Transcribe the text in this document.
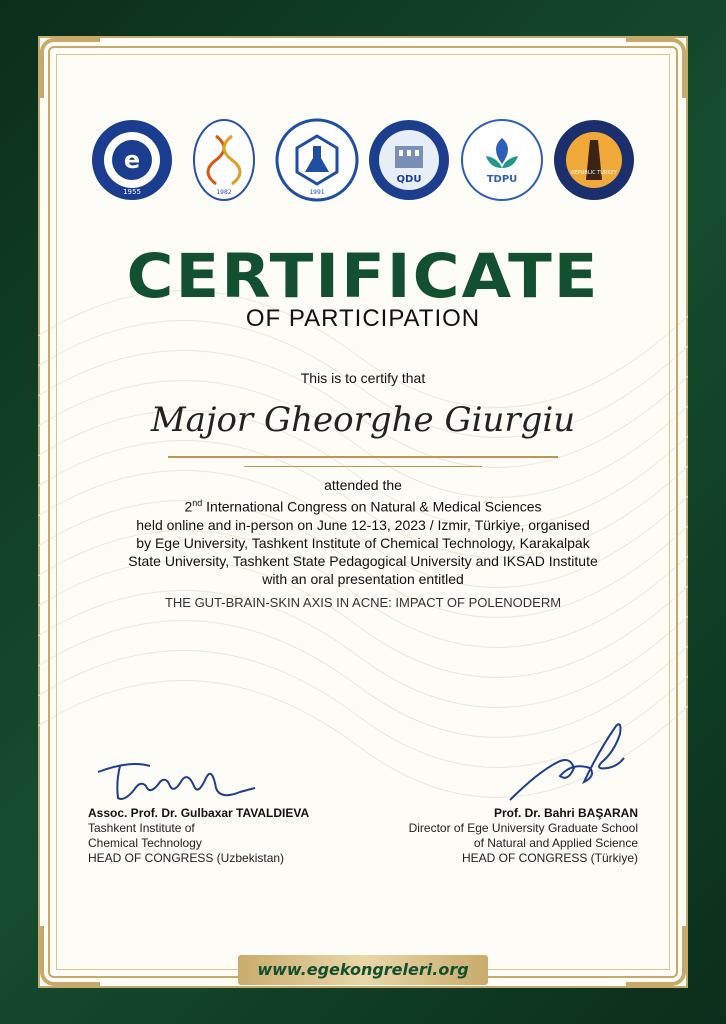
e
1955	1982	1991
QDU	TDPU
REPUBLIC TURKEY
CERTIFICATE
OF PARTICIPATION
This is to certify that
Major Gheorghe Giurgiu
attended the
2nd International Congress on Natural & Medical Sciences
held online and in-person on June 12-13, 2023 / Izmir, Türkiye, organised
by Ege University, Tashkent Institute of Chemical Technology, Karakalpak
State University, Tashkent State Pedagogical University and IKSAD Institute
with an oral presentation entitled
THE GUT-BRAIN-SKIN AXIS IN ACNE: IMPACT OF POLENODERM
Assoc. Prof. Dr. Gulbaxar TAVALDIEVA
Tashkent Institute of
Chemical Technology
HEAD OF CONGRESS (Uzbekistan)
Prof. Dr. Bahri BAŞARAN
Director of Ege University Graduate School
of Natural and Applied Science
HEAD OF CONGRESS (Türkiye)
www.egekongreleri.org
